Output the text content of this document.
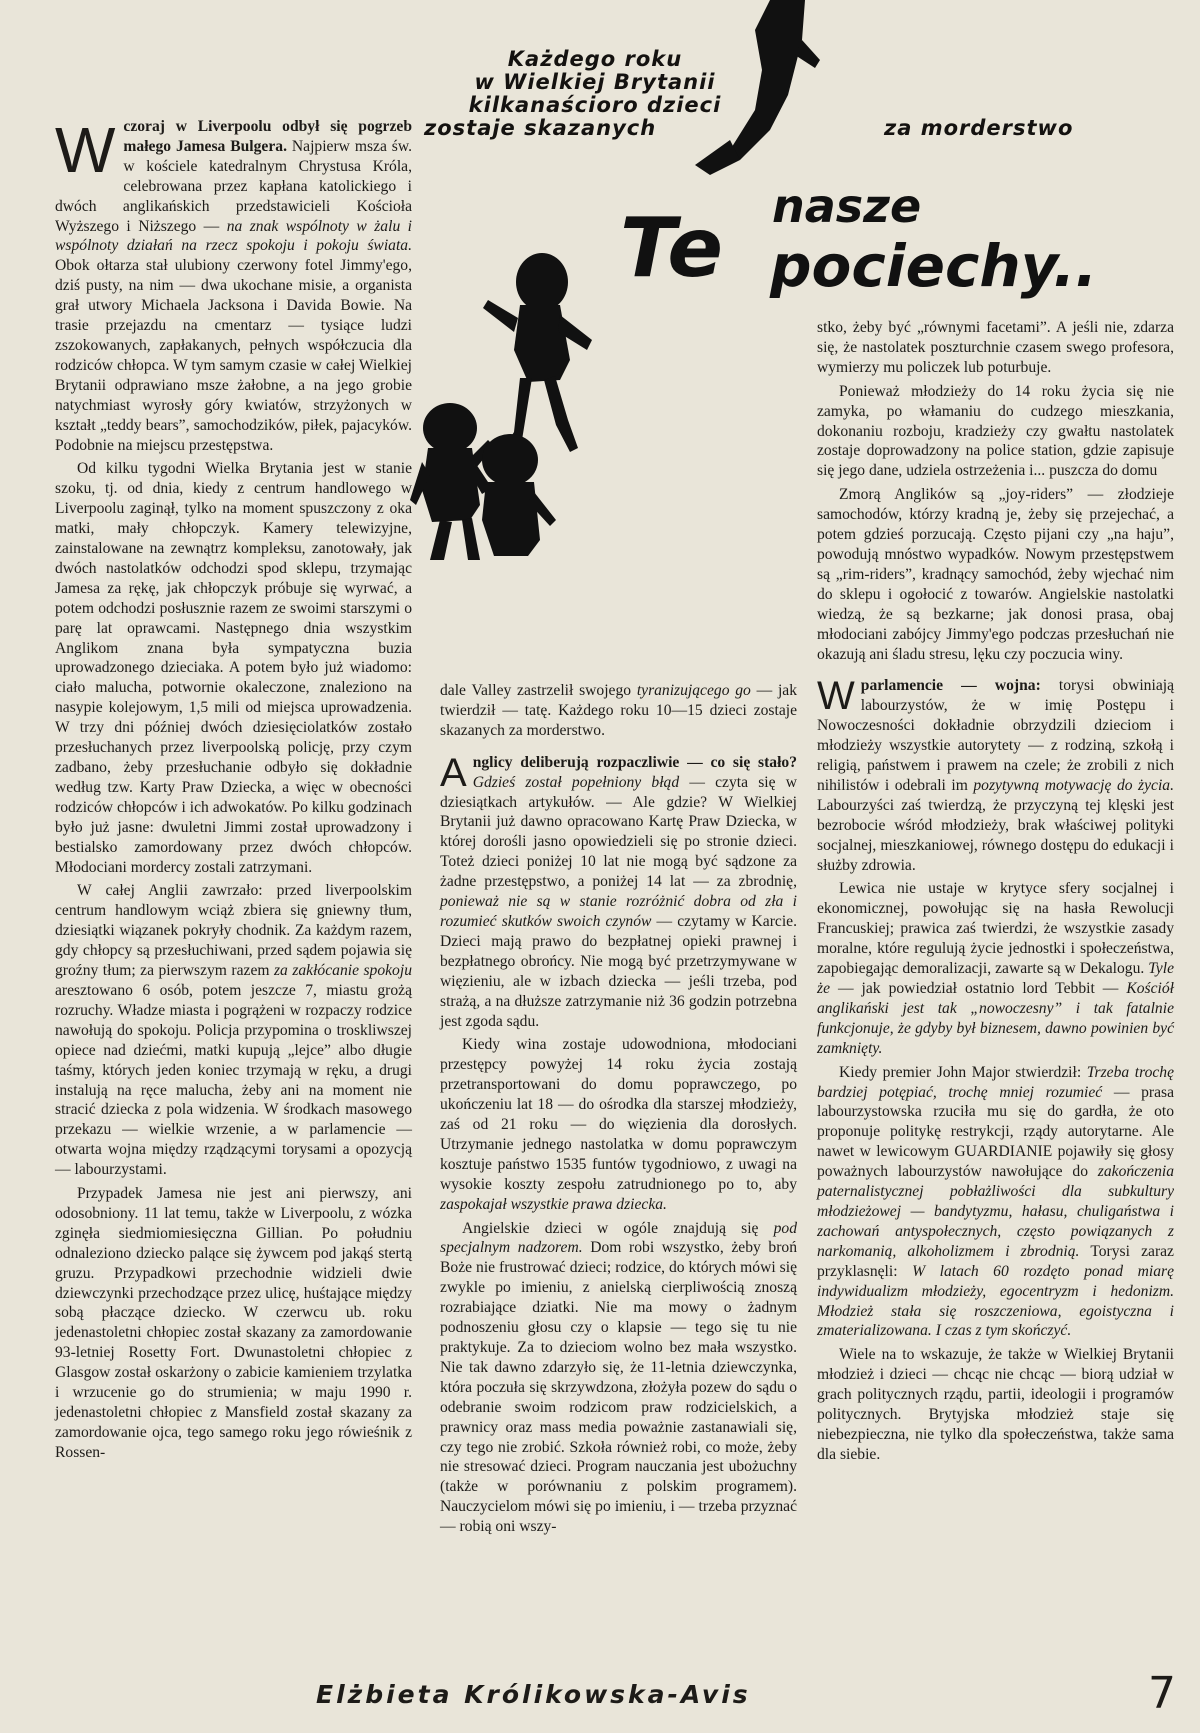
Każdego roku
w Wielkiej Brytanii
kilkanaścioro dzieci
zostaje skazanych	za morderstwo
nasze
Te pociechy..

Wczoraj w Liverpoolu odbył się pogrzeb małego Jamesa Bulgera. Najpierw msza św. w kościele katedralnym Chrystusa Króla, celebrowana przez kapłana katolickiego i dwóch anglikańskich przedstawicieli Kościoła Wyższego i Niższego — na znak wspólnoty w żalu i wspólnoty działań na rzecz spokoju i pokoju świata. Obok ołtarza stał ulubiony czerwony fotel Jimmy'ego, dziś pusty, na nim — dwa ukochane misie, a organista grał utwory Michaela Jacksona i Davida Bowie. Na trasie przejazdu na cmentarz — tysiące ludzi zszokowanych, zapłakanych, pełnych współczucia dla rodziców chłopca. W tym samym czasie w całej Wielkiej Brytanii odprawiano msze żałobne, a na jego grobie natychmiast wyrosły góry kwiatów, strzyżonych w kształt „teddy bears”, samochodzików, piłek, pajacyków. Podobnie na miejscu przestępstwa.

Od kilku tygodni Wielka Brytania jest w stanie szoku, tj. od dnia, kiedy z centrum handlowego w Liverpoolu zaginął, tylko na moment spuszczony z oka matki, mały chłopczyk. Kamery telewizyjne, zainstalowane na zewnątrz kompleksu, zanotowały, jak dwóch nastolatków odchodzi spod sklepu, trzymając Jamesa za rękę, jak chłopczyk próbuje się wyrwać, a potem odchodzi posłusznie razem ze swoimi starszymi o parę lat oprawcami. Następnego dnia wszystkim Anglikom znana była sympatyczna buzia uprowadzonego dzieciaka. A potem było już wiadomo: ciało malucha, potwornie okaleczone, znaleziono na nasypie kolejowym, 1,5 mili od miejsca uprowadzenia. W trzy dni później dwóch dziesięciolatków zostało przesłuchanych przez liverpoolską policję, przy czym zadbano, żeby przesłuchanie odbyło się dokładnie według tzw. Karty Praw Dziecka, a więc w obecności rodziców chłopców i ich adwokatów. Po kilku godzinach było już jasne: dwuletni Jimmi został uprowadzony i bestialsko zamordowany przez dwóch chłopców. Młodociani mordercy zostali zatrzymani.

W całej Anglii zawrzało: przed liverpoolskim centrum handlowym wciąż zbiera się gniewny tłum, dziesiątki wiązanek pokryły chodnik. Za każdym razem, gdy chłopcy są przesłuchiwani, przed sądem pojawia się groźny tłum; za pierwszym razem za zakłócanie spokoju aresztowano 6 osób, potem jeszcze 7, miastu grożą rozruchy. Władze miasta i pogrążeni w rozpaczy rodzice nawołują do spokoju. Policja przypomina o troskliwszej opiece nad dziećmi, matki kupują „lejce” albo długie taśmy, których jeden koniec trzymają w ręku, a drugi instalują na ręce malucha, żeby ani na moment nie stracić dziecka z pola widzenia. W środkach masowego przekazu — wielkie wrzenie, a w parlamencie — otwarta wojna między rządzącymi torysami a opozycją — labourzystami.

Przypadek Jamesa nie jest ani pierwszy, ani odosobniony. 11 lat temu, także w Liverpoolu, z wózka zginęła siedmiomiesięczna Gillian. Po południu odnaleziono dziecko palące się żywcem pod jakąś stertą gruzu. Przypadkowi przechodnie widzieli dwie dziewczynki przechodzące przez ulicę, huśtające między sobą płaczące dziecko. W czerwcu ub. roku jedenastoletni chłopiec został skazany za zamordowanie 93-letniej Rosetty Fort. Dwunastoletni chłopiec z Glasgow został oskarżony o zabicie kamieniem trzylatka i wrzucenie go do strumienia; w maju 1990 r. jedenastoletni chłopiec z Mansfield został skazany za zamordowanie ojca, tego samego roku jego rówieśnik z Rossen-

dale Valley zastrzelił swojego tyranizującego go — jak twierdził — tatę. Każdego roku 10—15 dzieci zostaje skazanych za morderstwo.

Anglicy deliberują rozpaczliwie — co się stało? Gdzieś został popełniony błąd — czyta się w dziesiątkach artykułów. — Ale gdzie? W Wielkiej Brytanii już dawno opracowano Kartę Praw Dziecka, w której dorośli jasno opowiedzieli się po stronie dzieci. Toteż dzieci poniżej 10 lat nie mogą być sądzone za żadne przestępstwo, a poniżej 14 lat — za zbrodnię, ponieważ nie są w stanie rozróżnić dobra od zła i rozumieć skutków swoich czynów — czytamy w Karcie. Dzieci mają prawo do bezpłatnej opieki prawnej i bezpłatnego obrońcy. Nie mogą być przetrzymywane w więzieniu, ale w izbach dziecka — jeśli trzeba, pod strażą, a na dłuższe zatrzymanie niż 36 godzin potrzebna jest zgoda sądu.

Kiedy wina zostaje udowodniona, młodociani przestępcy powyżej 14 roku życia zostają przetransportowani do domu poprawczego, po ukończeniu lat 18 — do ośrodka dla starszej młodzieży, zaś od 21 roku — do więzienia dla dorosłych. Utrzymanie jednego nastolatka w domu poprawczym kosztuje państwo 1535 funtów tygodniowo, z uwagi na wysokie koszty zespołu zatrudnionego po to, aby zaspokajał wszystkie prawa dziecka.

Angielskie dzieci w ogóle znajdują się pod specjalnym nadzorem. Dom robi wszystko, żeby broń Boże nie frustrować dzieci; rodzice, do których mówi się zwykle po imieniu, z anielską cierpliwością znoszą rozrabiające dziatki. Nie ma mowy o żadnym podnoszeniu głosu czy o klapsie — tego się tu nie praktykuje. Za to dzieciom wolno bez mała wszystko. Nie tak dawno zdarzyło się, że 11-letnia dziewczynka, która poczuła się skrzywdzona, złożyła pozew do sądu o odebranie swoim rodzicom praw rodzicielskich, a prawnicy oraz mass media poważnie zastanawiali się, czy tego nie zrobić. Szkoła również robi, co może, żeby nie stresować dzieci. Program nauczania jest ubożuchny (także w porównaniu z polskim programem). Nauczycielom mówi się po imieniu, i — trzeba przyznać — robią oni wszy-

stko, żeby być „równymi facetami”. A jeśli nie, zdarza się, że nastolatek poszturchnie czasem swego profesora, wymierzy mu policzek lub poturbuje.

Ponieważ młodzieży do 14 roku życia się nie zamyka, po włamaniu do cudzego mieszkania, dokonaniu rozboju, kradzieży czy gwałtu nastolatek zostaje doprowadzony na police station, gdzie zapisuje się jego dane, udziela ostrzeżenia i... puszcza do domu

Zmorą Anglików są „joy-riders” — złodzieje samochodów, którzy kradną je, żeby się przejechać, a potem gdzieś porzucają. Często pijani czy „na haju”, powodują mnóstwo wypadków. Nowym przestępstwem są „rim-riders”, kradnący samochód, żeby wjechać nim do sklepu i ogołocić z towarów. Angielskie nastolatki wiedzą, że są bezkarne; jak donosi prasa, obaj młodociani zabójcy Jimmy'ego podczas przesłuchań nie okazują ani śladu stresu, lęku czy poczucia winy.

Wparlamencie — wojna: torysi obwiniają labourzystów, że w imię Postępu i Nowoczesności dokładnie obrzydzili dzieciom i młodzieży wszystkie autorytety — z rodziną, szkołą i religią, państwem i prawem na czele; że zrobili z nich nihilistów i odebrali im pozytywną motywację do życia. Labourzyści zaś twierdzą, że przyczyną tej klęski jest bezrobocie wśród młodzieży, brak właściwej polityki socjalnej, mieszkaniowej, równego dostępu do edukacji i służby zdrowia.

Lewica nie ustaje w krytyce sfery socjalnej i ekonomicznej, powołując się na hasła Rewolucji Francuskiej; prawica zaś twierdzi, że wszystkie zasady moralne, które regulują życie jednostki i społeczeństwa, zapobiegając demoralizacji, zawarte są w Dekalogu. Tyle że — jak powiedział ostatnio lord Tebbit — Kościół anglikański jest tak „nowoczesny” i tak fatalnie funkcjonuje, że gdyby był biznesem, dawno powinien być zamknięty.

Kiedy premier John Major stwierdził: Trzeba trochę bardziej potępiać, trochę mniej rozumieć — prasa labourzystowska rzuciła mu się do gardła, że oto proponuje politykę restrykcji, rządy autorytarne. Ale nawet w lewicowym GUARDIANIE pojawiły się głosy poważnych labourzystów nawołujące do zakończenia paternalistycznej pobłażliwości dla subkultury młodzieżowej — bandytyzmu, hałasu, chuligaństwa i zachowań antyspołecznych, często powiązanych z narkomanią, alkoholizmem i zbrodnią. Torysi zaraz przyklasnęli: W latach 60 rozdęto ponad miarę indywidualizm młodzieży, egocentryzm i hedonizm. Młodzież stała się roszczeniowa, egoistyczna i zmaterializowana. I czas z tym skończyć.

Wiele na to wskazuje, że także w Wielkiej Brytanii młodzież i dzieci — chcąc nie chcąc — biorą udział w grach politycznych rządu, partii, ideologii i programów politycznych. Brytyjska młodzież staje się niebezpieczna, nie tylko dla społeczeństwa, także sama dla siebie.

Elżbieta Królikowska-Avis	7
